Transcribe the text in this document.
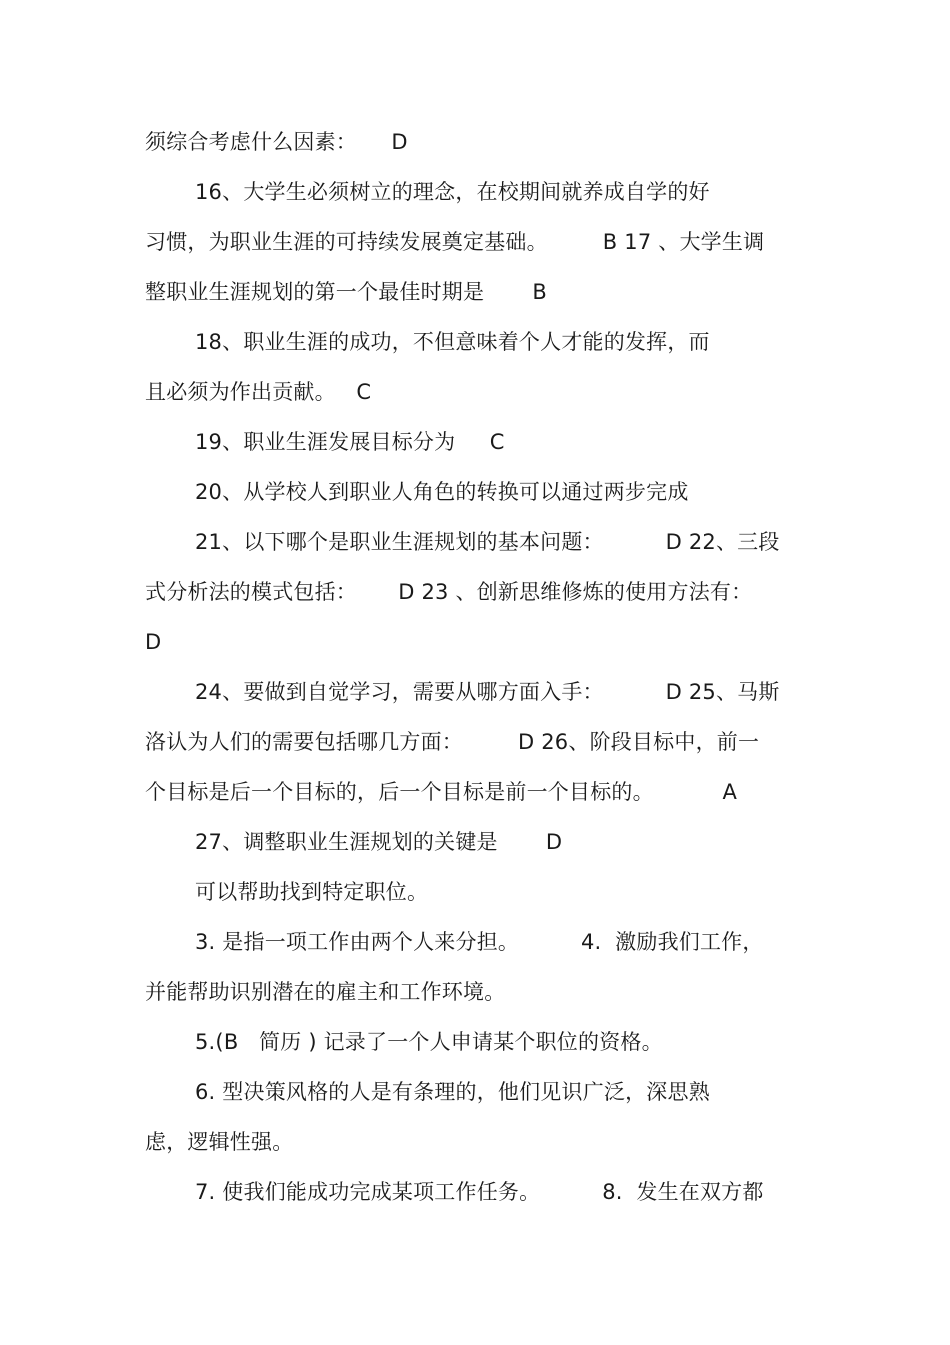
须综合考虑什么因素：     D
16、大学生必须树立的理念，在校期间就养成自学的好
习惯，为职业生涯的可持续发展奠定基础。        B 17 、大学生调
整职业生涯规划的第一个最佳时期是       B
18、职业生涯的成功，不但意味着个人才能的发挥，而
且必须为作出贡献。   C
19、职业生涯发展目标分为     C
20、从学校人到职业人角色的转换可以通过两步完成
21、以下哪个是职业生涯规划的基本问题：         D 22、三段
式分析法的模式包括：      D 23 、创新思维修炼的使用方法有：
D
24、要做到自觉学习，需要从哪方面入手：         D 25、马斯
洛认为人们的需要包括哪几方面：        D 26、阶段目标中，前一
个目标是后一个目标的，后一个目标是前一个目标的。          A
27、调整职业生涯规划的关键是       D
可以帮助找到特定职位。
3. 是指一项工作由两个人来分担。         4.  激励我们工作，
并能帮助识别潜在的雇主和工作环境。
5.(B   简历 ) 记录了一个人申请某个职位的资格。
6. 型决策风格的人是有条理的，他们见识广泛，深思熟
虑，逻辑性强。
7. 使我们能成功完成某项工作任务。         8.  发生在双方都
